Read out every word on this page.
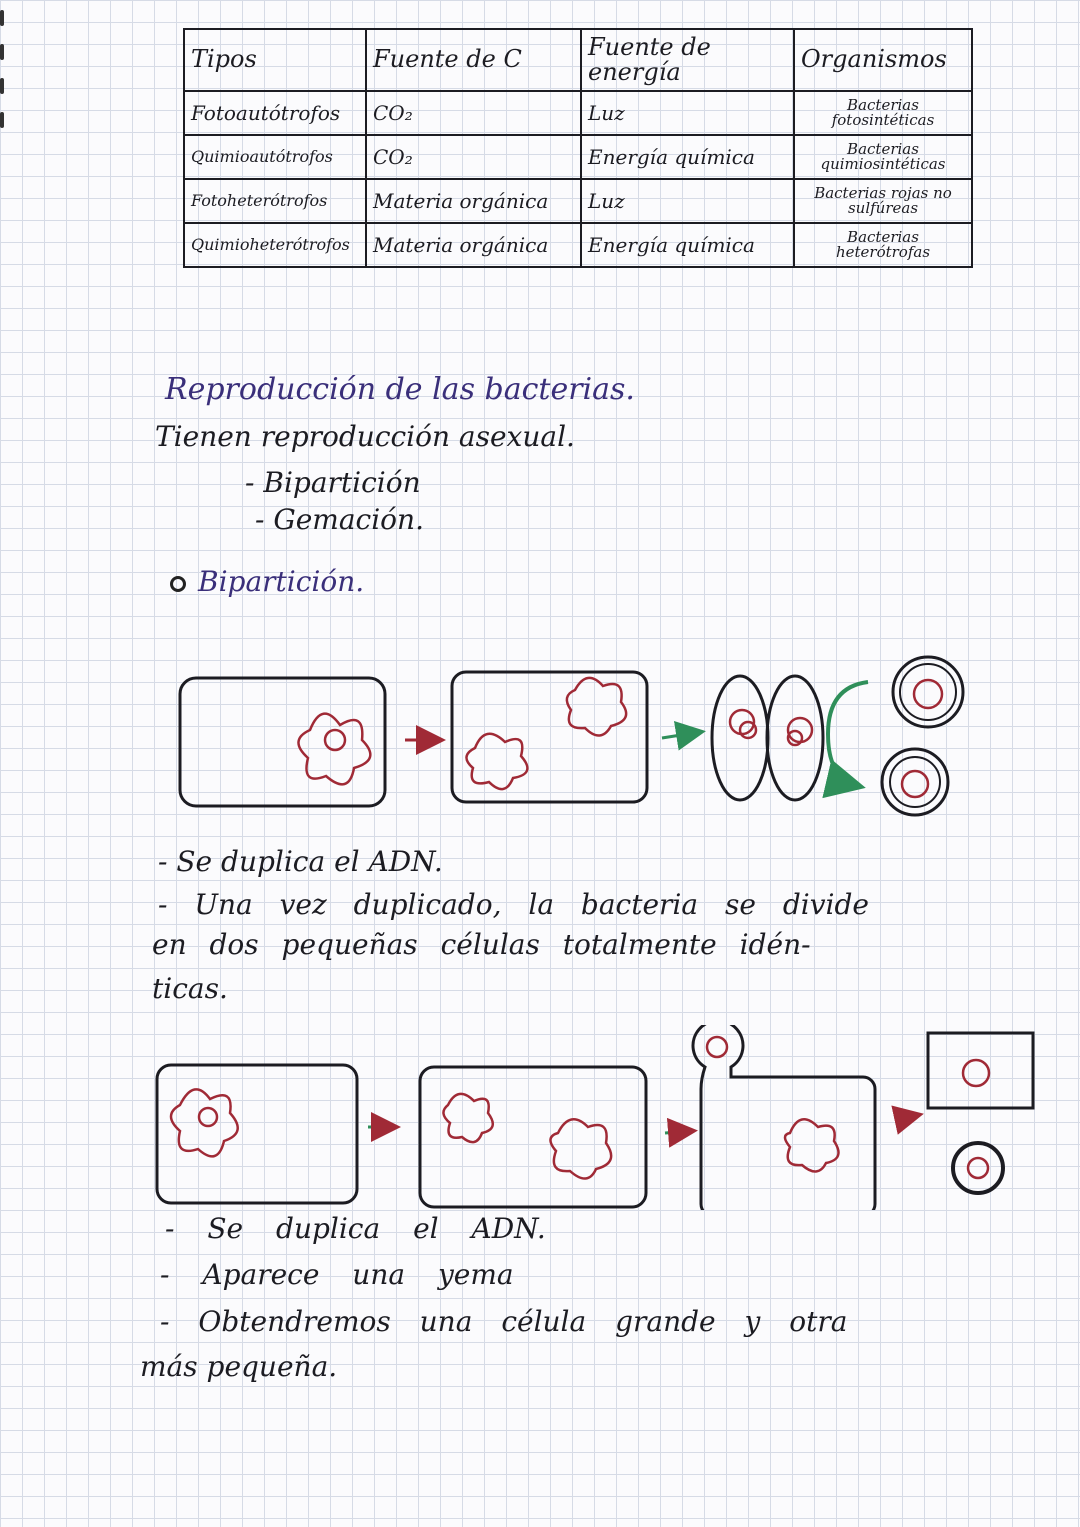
Tipos	Fuente de C	Fuente de energía	Organismos
Fotoautótrofos	CO₂	Luz	Bacterias fotosintéticas
Quimioautótrofos	CO₂	Energía química	Bacterias quimiosintéticas
Fotoheterótrofos	Materia orgánica	Luz	Bacterias rojas no sulfúreas
Quimioheterótrofos	Materia orgánica	Energía química	Bacterias heterótrofas
Reproducción de las bacterias.
Tienen reproducción asexual.
- Bipartición
- Gemación.
Bipartición.
- Se duplica el ADN.
- Una vez duplicado, la bacteria se divide
en dos pequeñas células totalmente idén-
ticas.
- Se duplica el ADN.
- Aparece una yema
- Obtendremos una célula grande y otra
más pequeña.
